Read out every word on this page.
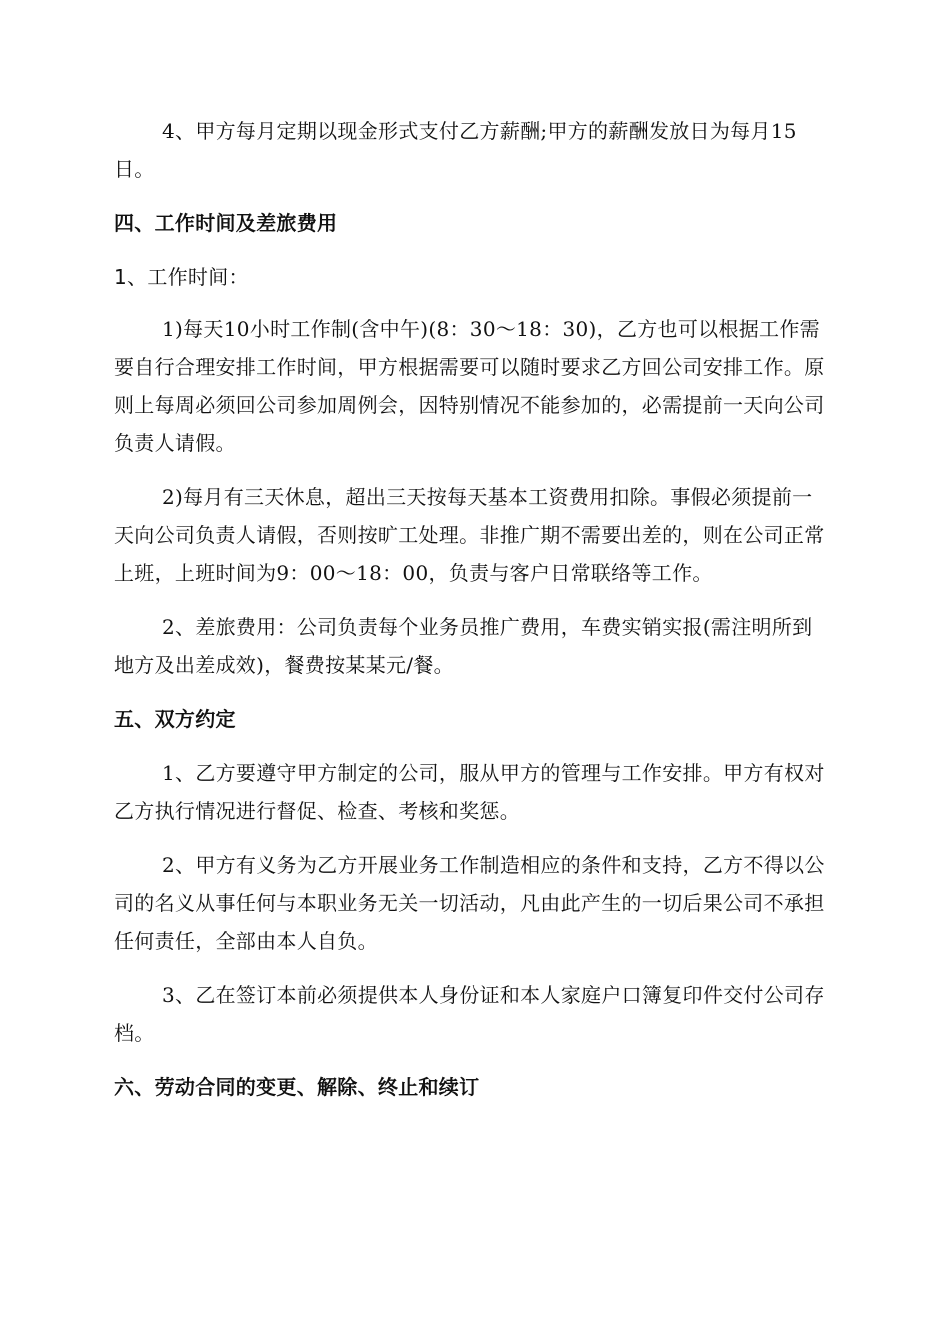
4、甲方每月定期以现金形式支付乙方薪酬;甲方的薪酬发放日为每月15日。

四、工作时间及差旅费用

1、工作时间：

1)每天10小时工作制(含中午)(8：30～18：30)，乙方也可以根据工作需要自行合理安排工作时间，甲方根据需要可以随时要求乙方回公司安排工作。原则上每周必须回公司参加周例会，因特别情况不能参加的，必需提前一天向公司负责人请假。

2)每月有三天休息，超出三天按每天基本工资费用扣除。事假必须提前一天向公司负责人请假，否则按旷工处理。非推广期不需要出差的，则在公司正常上班，上班时间为9：00～18：00，负责与客户日常联络等工作。

2、差旅费用：公司负责每个业务员推广费用，车费实销实报(需注明所到地方及出差成效)，餐费按某某元/餐。

五、双方约定

1、乙方要遵守甲方制定的公司，服从甲方的管理与工作安排。甲方有权对乙方执行情况进行督促、检查、考核和奖惩。

2、甲方有义务为乙方开展业务工作制造相应的条件和支持，乙方不得以公司的名义从事任何与本职业务无关一切活动，凡由此产生的一切后果公司不承担任何责任，全部由本人自负。

3、乙在签订本前必须提供本人身份证和本人家庭户口簿复印件交付公司存档。

六、劳动合同的变更、解除、终止和续订
